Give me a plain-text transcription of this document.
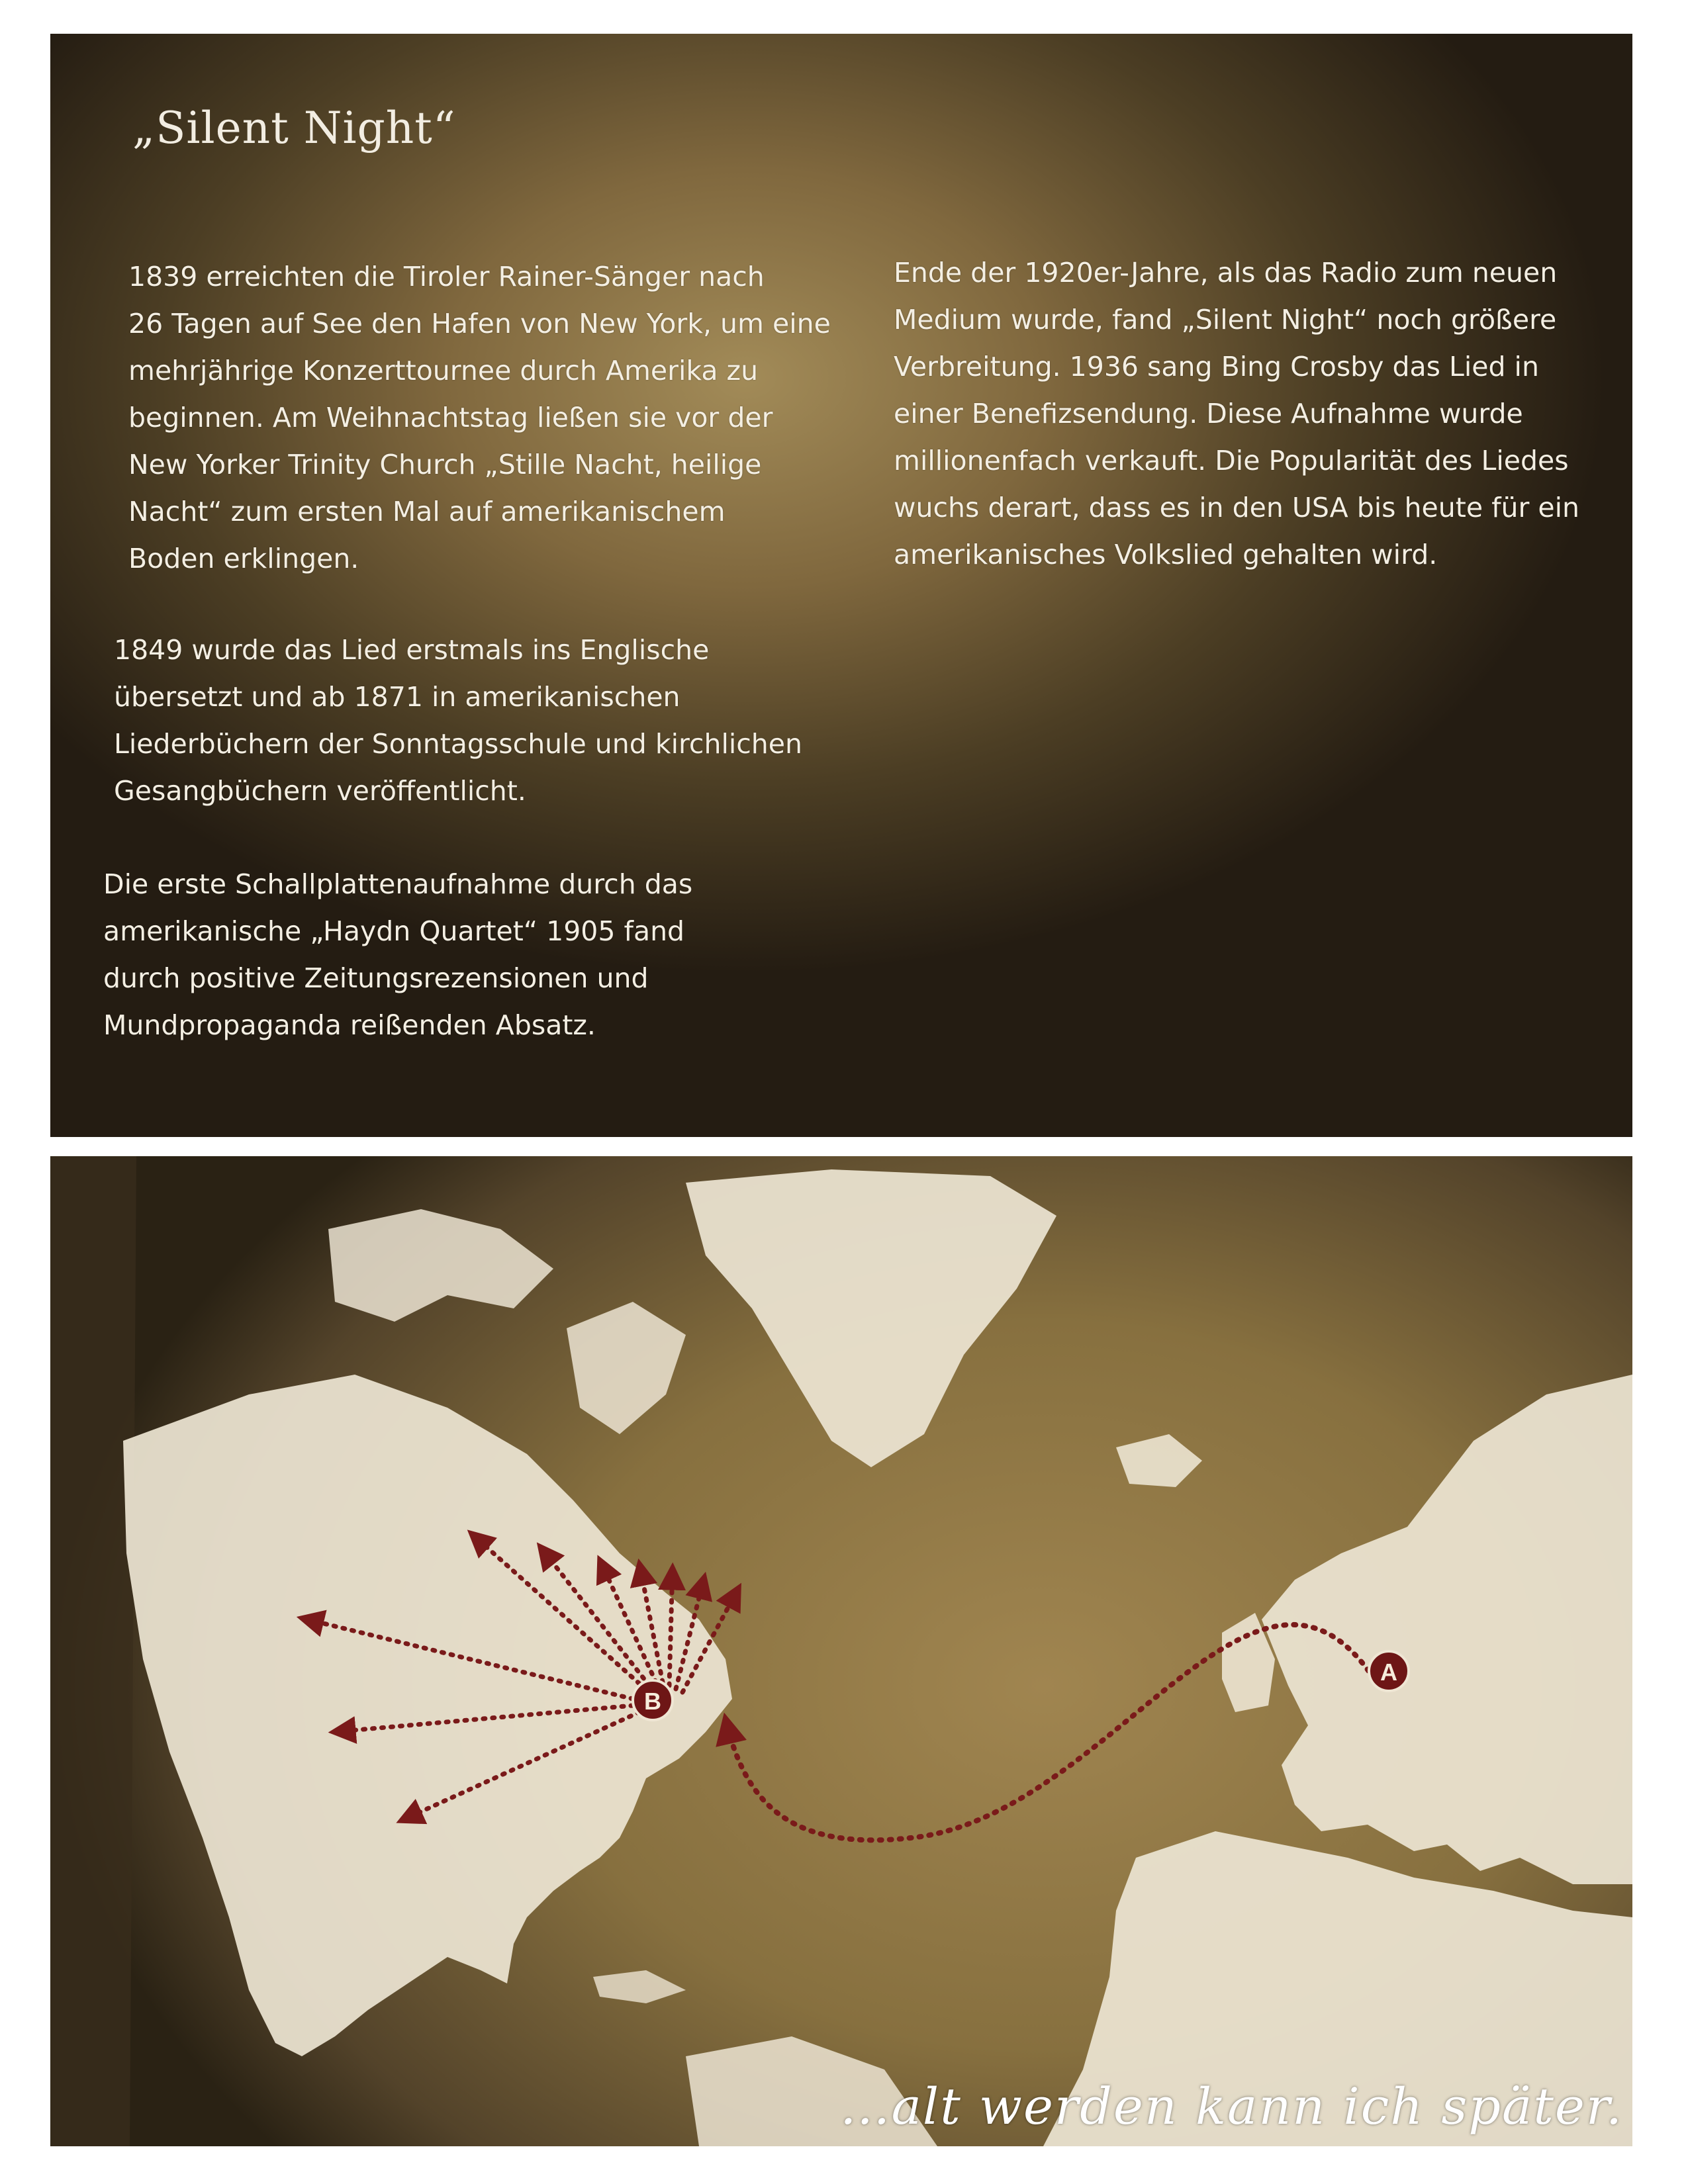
„Silent Night“

1839 erreichten die Tiroler Rainer-Sänger nach
26 Tagen auf See den Hafen von New York, um eine
mehrjährige Konzerttournee durch Amerika zu
beginnen. Am Weihnachtstag ließen sie vor der
New Yorker Trinity Church „Stille Nacht, heilige
Nacht“ zum ersten Mal auf amerikanischem
Boden erklingen.

1849 wurde das Lied erstmals ins Englische
übersetzt und ab 1871 in amerikanischen
Liederbüchern der Sonntagsschule und kirchlichen
Gesangbüchern veröffentlicht.

Die erste Schallplattenaufnahme durch das
amerikanische „Haydn Quartet“ 1905 fand
durch positive Zeitungsrezensionen und
Mundpropaganda reißenden Absatz.

Ende der 1920er-Jahre, als das Radio zum neuen
Medium wurde, fand „Silent Night“ noch größere
Verbreitung. 1936 sang Bing Crosby das Lied in
einer Benefizsendung. Diese Aufnahme wurde
millionenfach verkauft. Die Popularität des Liedes
wuchs derart, dass es in den USA bis heute für ein
amerikanisches Volkslied gehalten wird.

B
A

…alt werden kann ich später.
